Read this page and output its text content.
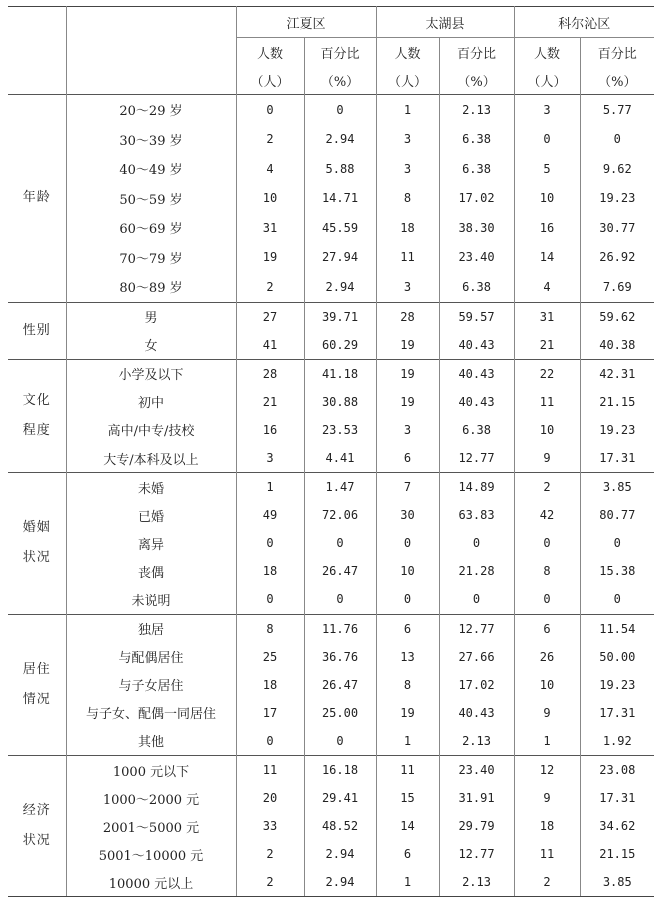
		江夏区		太湖县		科尔沁区	
		人数	百分比	人数	百分比	人数	百分比
		（人）	（%）	（人）	（%）	（人）	（%）

年龄	20～29 岁	0	0	1	2.13	3	5.77
	30～39 岁	2	2.94	3	6.38	0	0
	40～49 岁	4	5.88	3	6.38	5	9.62
	50～59 岁	10	14.71	8	17.02	10	19.23
	60～69 岁	31	45.59	18	38.30	16	30.77
	70～79 岁	19	27.94	11	23.40	14	26.92
	80～89 岁	2	2.94	3	6.38	4	7.69

性别	男	27	39.71	28	59.57	31	59.62
	女	41	60.29	19	40.43	21	40.38

文化
程度	小学及以下	28	41.18	19	40.43	22	42.31
	初中	21	30.88	19	40.43	11	21.15
	高中/中专/技校	16	23.53	3	6.38	10	19.23
	大专/本科及以上	3	4.41	6	12.77	9	17.31

婚姻
状况	未婚	1	1.47	7	14.89	2	3.85
	已婚	49	72.06	30	63.83	42	80.77
	离异	0	0	0	0	0	0
	丧偶	18	26.47	10	21.28	8	15.38
	未说明	0	0	0	0	0	0

居住
情况	独居	8	11.76	6	12.77	6	11.54
	与配偶居住	25	36.76	13	27.66	26	50.00
	与子女居住	18	26.47	8	17.02	10	19.23
	与子女、配偶一同居住	17	25.00	19	40.43	9	17.31
	其他	0	0	1	2.13	1	1.92

经济
状况	1000 元以下	11	16.18	11	23.40	12	23.08
	1000～2000 元	20	29.41	15	31.91	9	17.31
	2001～5000 元	33	48.52	14	29.79	18	34.62
	5001～10000 元	2	2.94	6	12.77	11	21.15
	10000 元以上	2	2.94	1	2.13	2	3.85
